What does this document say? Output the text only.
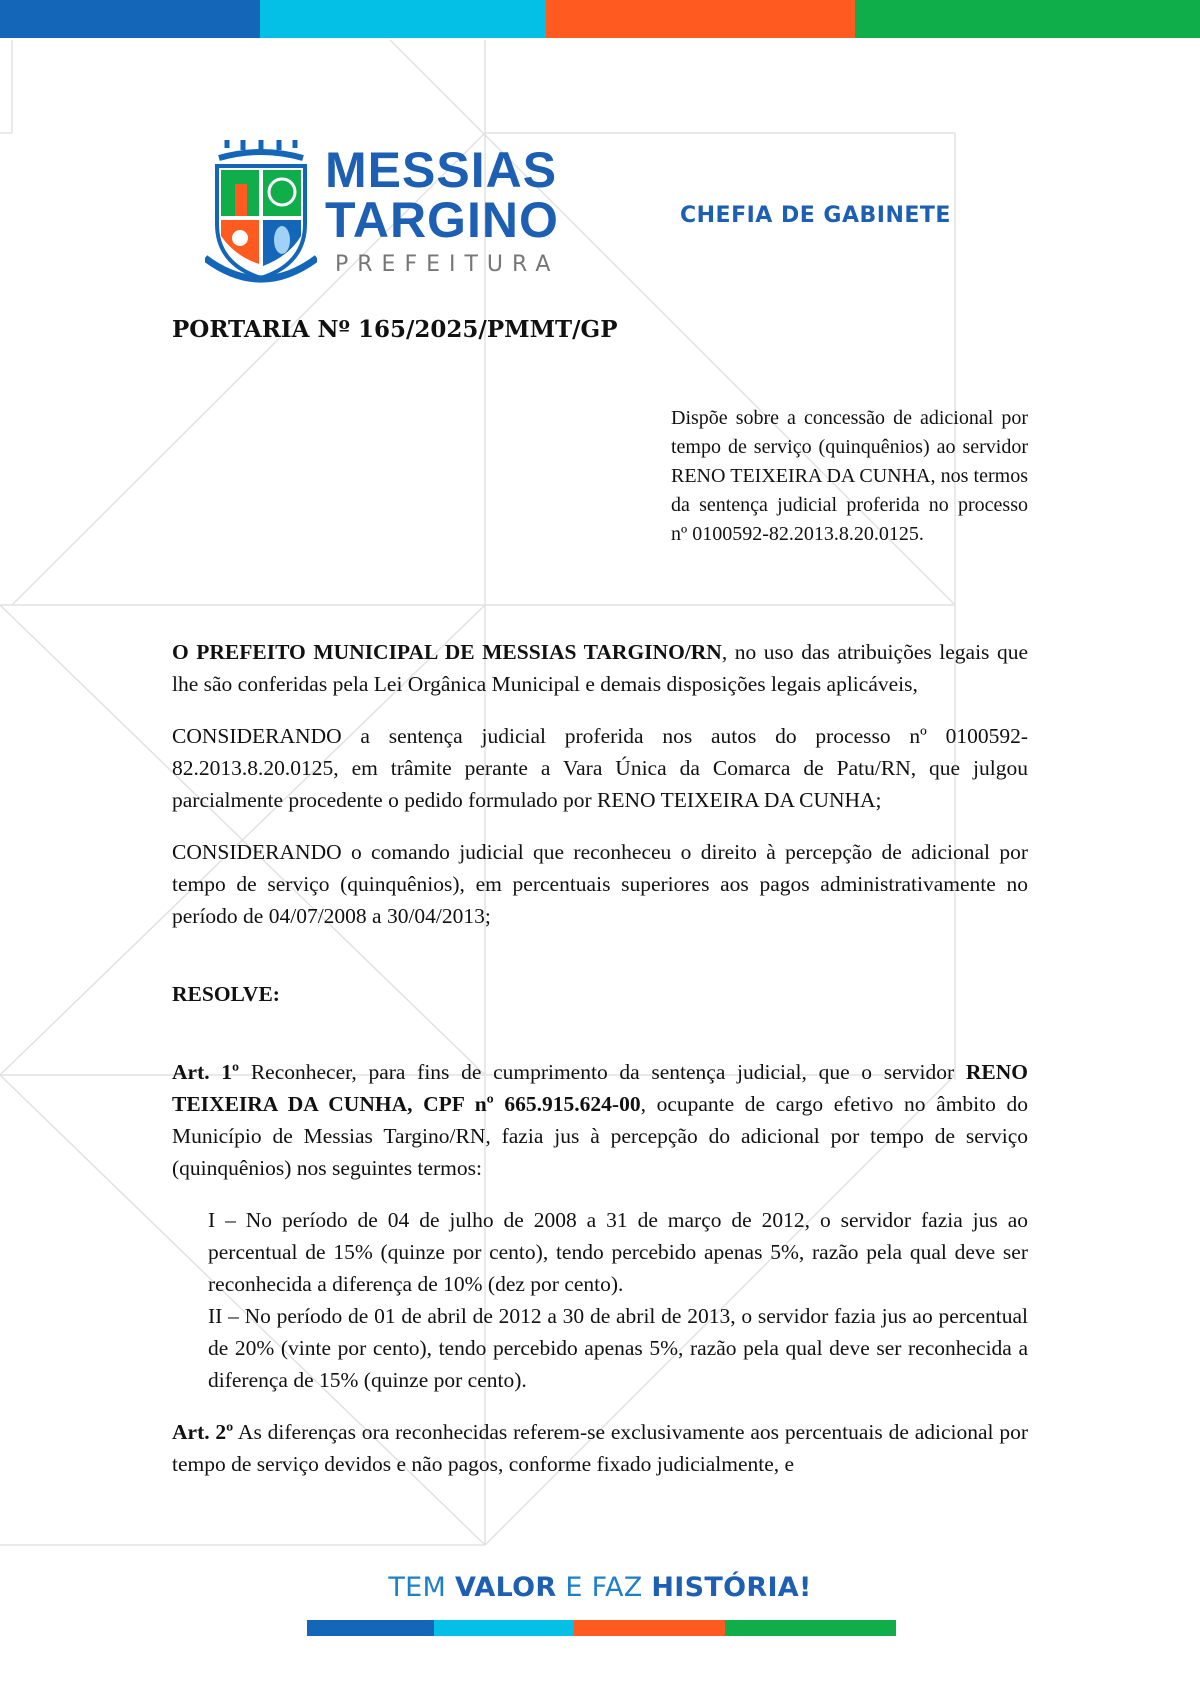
MESSIAS
TARGINO
PREFEITURA
CHEFIA DE GABINETE
PORTARIA Nº 165/2025/PMMT/GP
Dispõe sobre a concessão de adicional por tempo de serviço (quinquênios) ao servidor RENO TEIXEIRA DA CUNHA, nos termos da sentença judicial proferida no processo nº 0100592-82.2013.8.20.0125.

O PREFEITO MUNICIPAL DE MESSIAS TARGINO/RN, no uso das atribuições legais que lhe são conferidas pela Lei Orgânica Municipal e demais disposições legais aplicáveis,

CONSIDERANDO a sentença judicial proferida nos autos do processo nº 0100592-82.2013.8.20.0125, em trâmite perante a Vara Única da Comarca de Patu/RN, que julgou parcialmente procedente o pedido formulado por RENO TEIXEIRA DA CUNHA;

CONSIDERANDO o comando judicial que reconheceu o direito à percepção de adicional por tempo de serviço (quinquênios), em percentuais superiores aos pagos administrativamente no período de 04/07/2008 a 30/04/2013;

RESOLVE:

Art. 1º Reconhecer, para fins de cumprimento da sentença judicial, que o servidor RENO TEIXEIRA DA CUNHA, CPF nº 665.915.624-00, ocupante de cargo efetivo no âmbito do Município de Messias Targino/RN, fazia jus à percepção do adicional por tempo de serviço (quinquênios) nos seguintes termos:

I – No período de 04 de julho de 2008 a 31 de março de 2012, o servidor fazia jus ao percentual de 15% (quinze por cento), tendo percebido apenas 5%, razão pela qual deve ser reconhecida a diferença de 10% (dez por cento).

II – No período de 01 de abril de 2012 a 30 de abril de 2013, o servidor fazia jus ao percentual de 20% (vinte por cento), tendo percebido apenas 5%, razão pela qual deve ser reconhecida a diferença de 15% (quinze por cento).

Art. 2º As diferenças ora reconhecidas referem-se exclusivamente aos percentuais de adicional por tempo de serviço devidos e não pagos, conforme fixado judicialmente, e

TEM VALOR E FAZ HISTÓRIA!
